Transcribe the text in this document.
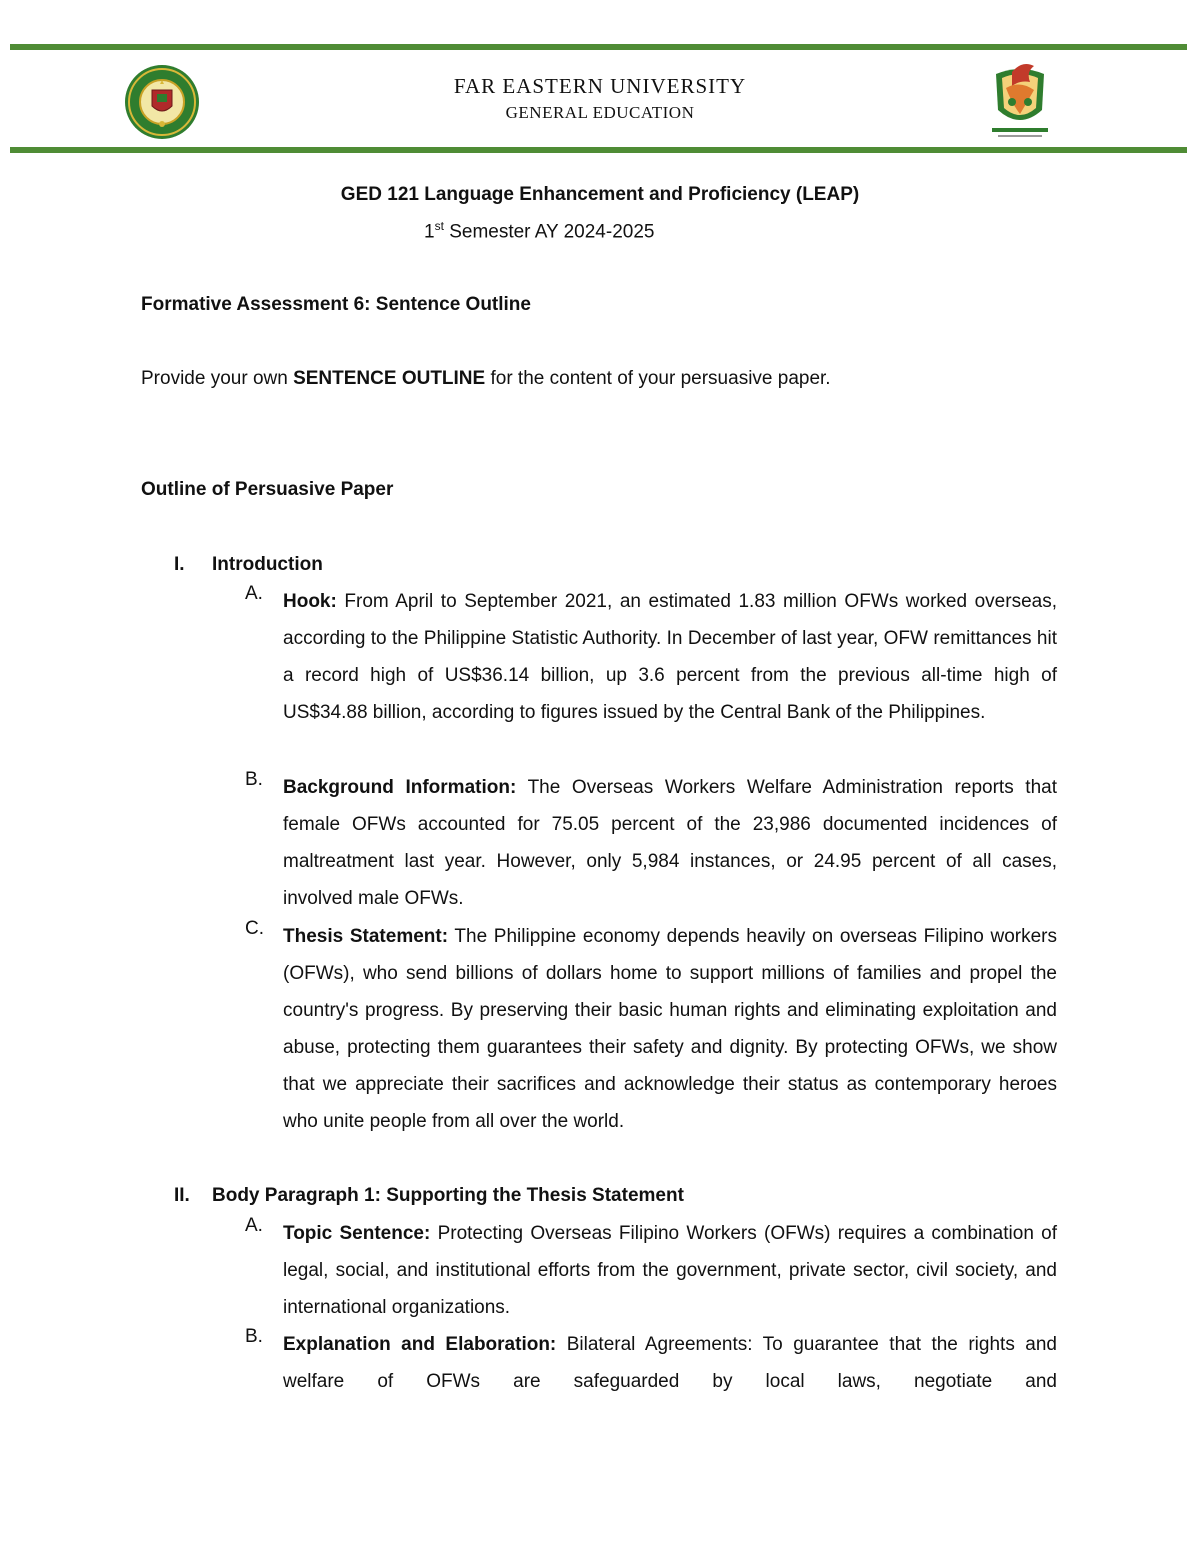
FAR EASTERN UNIVERSITY
GENERAL EDUCATION
GED 121 Language Enhancement and Proficiency (LEAP)
1st Semester AY 2024-2025
Formative Assessment 6: Sentence Outline
Provide your own SENTENCE OUTLINE for the content of your persuasive paper.
Outline of Persuasive Paper
I. Introduction
A. Hook: From April to September 2021, an estimated 1.83 million OFWs worked overseas, according to the Philippine Statistic Authority. In December of last year, OFW remittances hit a record high of US$36.14 billion, up 3.6 percent from the previous all-time high of US$34.88 billion, according to figures issued by the Central Bank of the Philippines.
B. Background Information: The Overseas Workers Welfare Administration reports that female OFWs accounted for 75.05 percent of the 23,986 documented incidences of maltreatment last year. However, only 5,984 instances, or 24.95 percent of all cases, involved male OFWs.
C. Thesis Statement: The Philippine economy depends heavily on overseas Filipino workers (OFWs), who send billions of dollars home to support millions of families and propel the country's progress. By preserving their basic human rights and eliminating exploitation and abuse, protecting them guarantees their safety and dignity. By protecting OFWs, we show that we appreciate their sacrifices and acknowledge their status as contemporary heroes who unite people from all over the world.
II. Body Paragraph 1: Supporting the Thesis Statement
A. Topic Sentence: Protecting Overseas Filipino Workers (OFWs) requires a combination of legal, social, and institutional efforts from the government, private sector, civil society, and international organizations.
B. Explanation and Elaboration: Bilateral Agreements: To guarantee that the rights and welfare of OFWs are safeguarded by local laws, negotiate and
